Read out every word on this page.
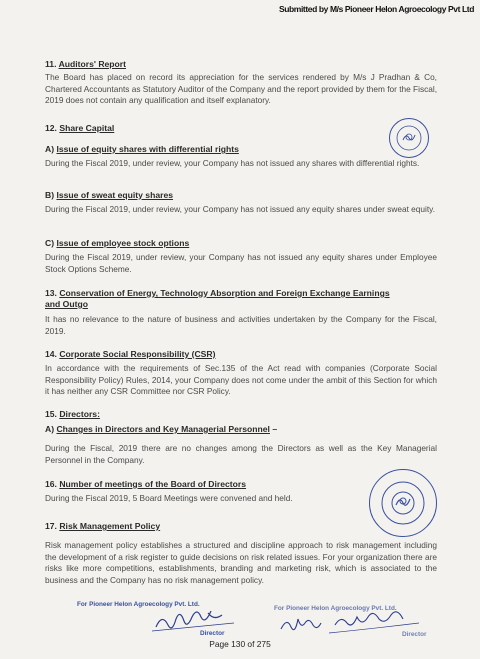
Submitted by M/s Pioneer Helon Agroecology Pvt Ltd

11. Auditors' Report

The Board has placed on record its appreciation for the services rendered by M/s J Pradhan & Co, Chartered Accountants as Statutory Auditor of the Company and the report provided by them for the Fiscal, 2019 does not contain any qualification and itself explanatory.

12. Share Capital

A) Issue of equity shares with differential rights

During the Fiscal 2019, under review, your Company has not issued any shares with differential rights.

B) Issue of sweat equity shares

During the Fiscal 2019, under review, your Company has not issued any equity shares under sweat equity.

C) Issue of employee stock options

During the Fiscal 2019, under review, your Company has not issued any equity shares under Employee Stock Options Scheme.

13. Conservation of Energy, Technology Absorption and Foreign Exchange Earnings and Outgo

It has no relevance to the nature of business and activities undertaken by the Company for the Fiscal, 2019.

14. Corporate Social Responsibility (CSR)

In accordance with the requirements of Sec.135 of the Act read with companies (Corporate Social Responsibility Policy) Rules, 2014, your Company does not come under the ambit of this Section for which it has neither any CSR Committee nor CSR Policy.

15. Directors:

A) Changes in Directors and Key Managerial Personnel –

During the Fiscal, 2019 there are no changes among the Directors as well as the Key Managerial Personnel in the Company.

16. Number of meetings of the Board of Directors

During the Fiscal 2019, 5 Board Meetings were convened and held.

17. Risk Management Policy

Risk management policy establishes a structured and discipline approach to risk management including the development of a risk register to guide decisions on risk related issues. For your organization there are risks like more competitions, establishments, branding and marketing risk, which is associated to the business and the Company has no risk management policy.

For Pioneer Helon Agroecology Pvt. Ltd.
Director
For Pioneer Helon Agroecology Pvt. Ltd.
Director
Page 130 of 275
